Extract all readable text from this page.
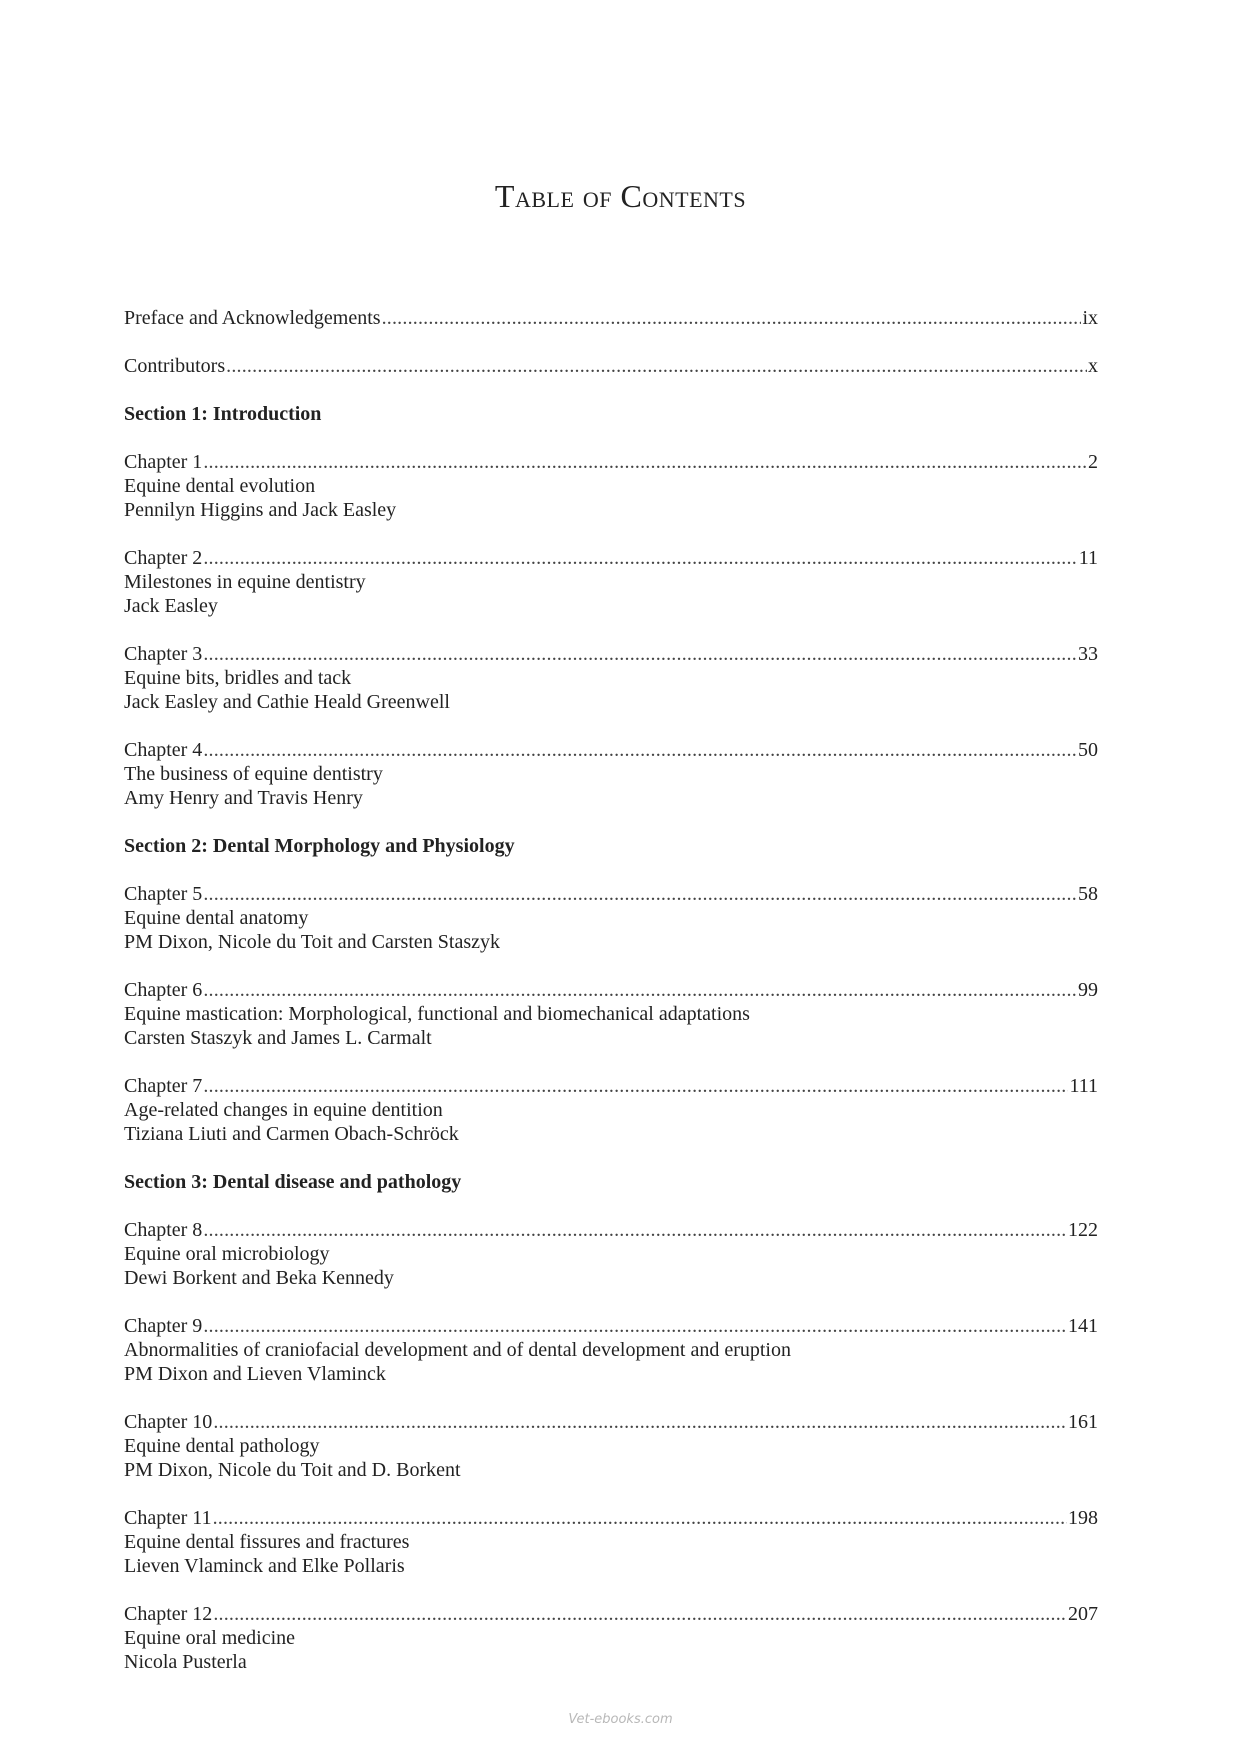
Table of Contents
Preface and Acknowledgements .....	ix
Contributors .....	x
Section 1: Introduction
Chapter 1 .....	2
Equine dental evolution
Pennilyn Higgins and Jack Easley
Chapter 2 .....	11
Milestones in equine dentistry
Jack Easley
Chapter 3 .....	33
Equine bits, bridles and tack
Jack Easley and Cathie Heald Greenwell
Chapter 4 .....	50
The business of equine dentistry
Amy Henry and Travis Henry
Section 2: Dental Morphology and Physiology
Chapter 5 .....	58
Equine dental anatomy
PM Dixon, Nicole du Toit and Carsten Staszyk
Chapter 6 .....	99
Equine mastication: Morphological, functional and biomechanical adaptations
Carsten Staszyk and James L. Carmalt
Chapter 7 .....	111
Age-related changes in equine dentition
Tiziana Liuti and Carmen Obach-Schröck
Section 3: Dental disease and pathology
Chapter 8 .....	122
Equine oral microbiology
Dewi Borkent and Beka Kennedy
Chapter 9 .....	141
Abnormalities of craniofacial development and of dental development and eruption
PM Dixon and Lieven Vlaminck
Chapter 10 .....	161
Equine dental pathology
PM Dixon, Nicole du Toit and D. Borkent
Chapter 11 .....	198
Equine dental fissures and fractures
Lieven Vlaminck and Elke Pollaris
Chapter 12 .....	207
Equine oral medicine
Nicola Pusterla
Vet-ebooks.com
